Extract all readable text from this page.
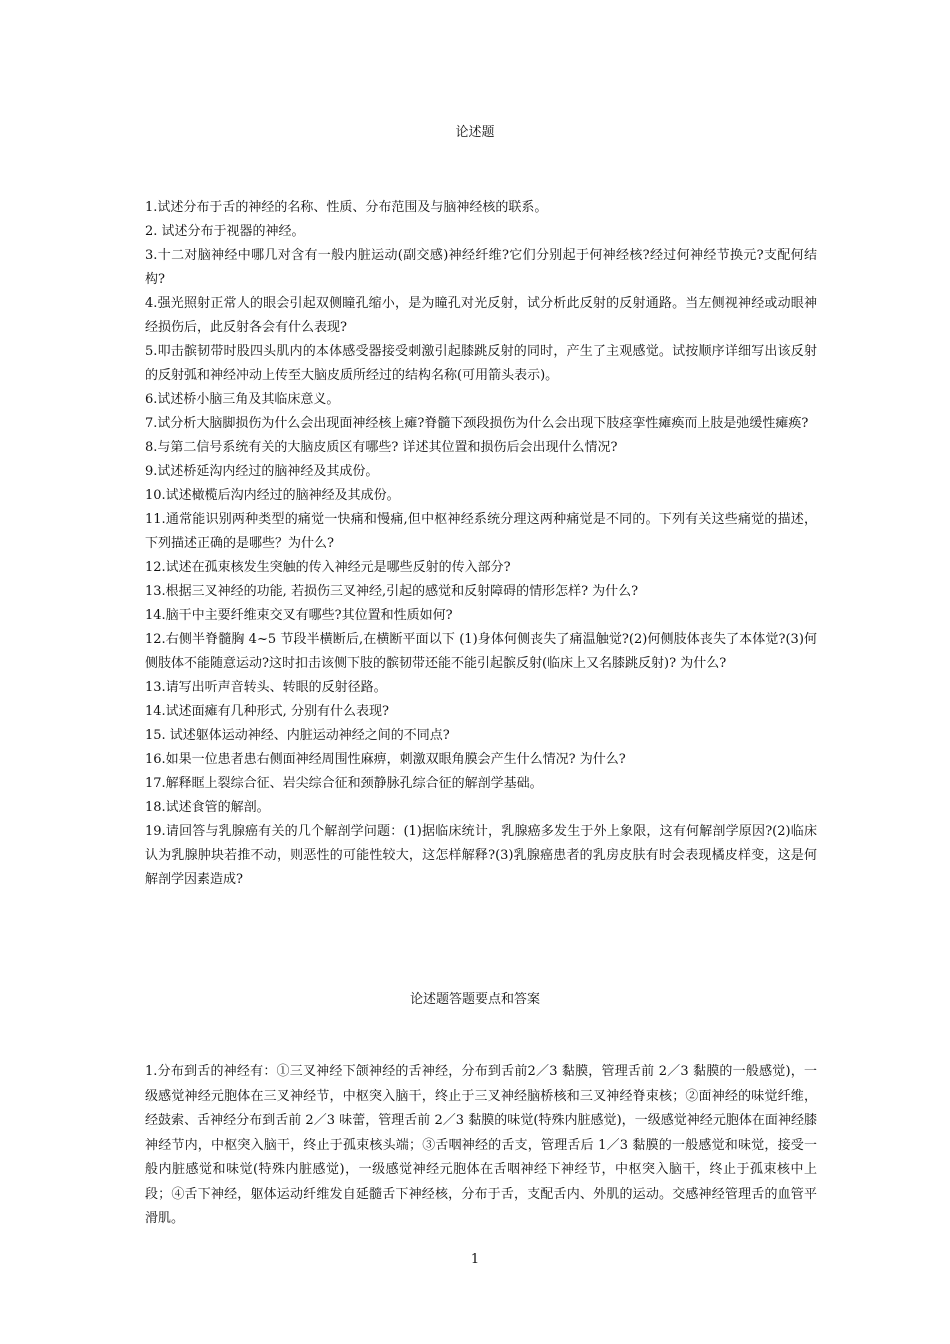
论述题

1.试述分布于舌的神经的名称、性质、分布范围及与脑神经核的联系。

2. 试述分布于视器的神经。

3.十二对脑神经中哪几对含有一般内脏运动(副交感)神经纤维?它们分别起于何神经核?经过何神经节换元?支配何结构?

4.强光照射正常人的眼会引起双侧瞳孔缩小，是为瞳孔对光反射，试分析此反射的反射通路。当左侧视神经或动眼神经损伤后，此反射各会有什么表现?

5.叩击髌韧带时股四头肌内的本体感受器接受刺激引起膝跳反射的同时，产生了主观感觉。试按顺序详细写出该反射的反射弧和神经冲动上传至大脑皮质所经过的结构名称(可用箭头表示)。

6.试述桥小脑三角及其临床意义。

7.试分析大脑脚损伤为什么会出现面神经核上瘫?脊髓下颈段损伤为什么会出现下肢痉挛性瘫痪而上肢是弛缓性瘫痪?

8.与第二信号系统有关的大脑皮质区有哪些? 详述其位置和损伤后会出现什么情况?

9.试述桥延沟内经过的脑神经及其成份。

10.试述橄榄后沟内经过的脑神经及其成份。

11.通常能识别两种类型的痛觉一快痛和慢痛,但中枢神经系统分理这两种痛觉是不同的。下列有关这些痛觉的描述，下列描述正确的是哪些？为什么?

12.试述在孤束核发生突触的传入神经元是哪些反射的传入部分?

13.根据三叉神经的功能, 若损伤三叉神经,引起的感觉和反射障碍的情形怎样? 为什么?

14.脑干中主要纤维束交叉有哪些?其位置和性质如何?

12.右侧半脊髓胸 4~5 节段半横断后,在横断平面以下 (1)身体何侧丧失了痛温触觉?(2)何侧肢体丧失了本体觉?(3)何侧肢体不能随意运动?这时扣击该侧下肢的髌韧带还能不能引起髌反射(临床上又名膝跳反射)? 为什么?

13.请写出听声音转头、转眼的反射径路。

14.试述面瘫有几种形式, 分别有什么表现?

15. 试述躯体运动神经、内脏运动神经之间的不同点?

16.如果一位患者患右侧面神经周围性麻痹，刺激双眼角膜会产生什么情况? 为什么?

17.解释眶上裂综合征、岩尖综合征和颈静脉孔综合征的解剖学基础。

18.试述食管的解剖。

19.请回答与乳腺癌有关的几个解剖学问题：(1)据临床统计，乳腺癌多发生于外上象限，这有何解剖学原因?(2)临床认为乳腺肿块若推不动，则恶性的可能性较大，这怎样解释?(3)乳腺癌患者的乳房皮肤有时会表现橘皮样变，这是何解剖学因素造成?

论述题答题要点和答案

1.分布到舌的神经有：①三叉神经下颌神经的舌神经，分布到舌前2／3 黏膜，管理舌前 2／3 黏膜的一般感觉)，一级感觉神经元胞体在三叉神经节，中枢突入脑干，终止于三叉神经脑桥核和三叉神经脊束核；②面神经的味觉纤维，经鼓索、舌神经分布到舌前 2／3 味蕾，管理舌前 2／3 黏膜的味觉(特殊内脏感觉)，一级感觉神经元胞体在面神经膝神经节内，中枢突入脑干，终止于孤束核头端；③舌咽神经的舌支，管理舌后 1／3 黏膜的一般感觉和味觉，接受一般内脏感觉和味觉(特殊内脏感觉)，一级感觉神经元胞体在舌咽神经下神经节，中枢突入脑干，终止于孤束核中上段；④舌下神经，躯体运动纤维发自延髓舌下神经核，分布于舌，支配舌内、外肌的运动。交感神经管理舌的血管平滑肌。

1
